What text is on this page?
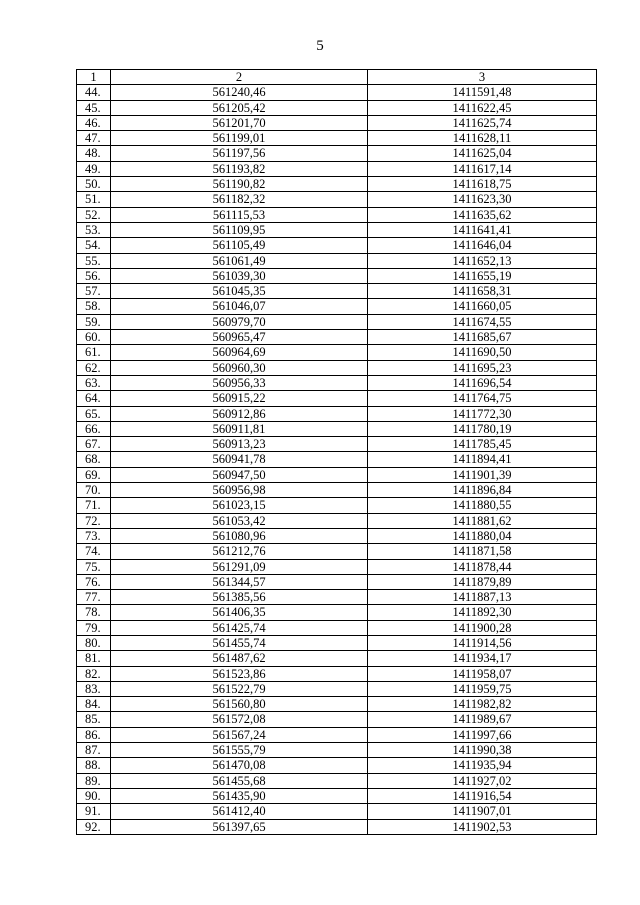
5
1	2	3
44.	561240,46	1411591,48
45.	561205,42	1411622,45
46.	561201,70	1411625,74
47.	561199,01	1411628,11
48.	561197,56	1411625,04
49.	561193,82	1411617,14
50.	561190,82	1411618,75
51.	561182,32	1411623,30
52.	561115,53	1411635,62
53.	561109,95	1411641,41
54.	561105,49	1411646,04
55.	561061,49	1411652,13
56.	561039,30	1411655,19
57.	561045,35	1411658,31
58.	561046,07	1411660,05
59.	560979,70	1411674,55
60.	560965,47	1411685,67
61.	560964,69	1411690,50
62.	560960,30	1411695,23
63.	560956,33	1411696,54
64.	560915,22	1411764,75
65.	560912,86	1411772,30
66.	560911,81	1411780,19
67.	560913,23	1411785,45
68.	560941,78	1411894,41
69.	560947,50	1411901,39
70.	560956,98	1411896,84
71.	561023,15	1411880,55
72.	561053,42	1411881,62
73.	561080,96	1411880,04
74.	561212,76	1411871,58
75.	561291,09	1411878,44
76.	561344,57	1411879,89
77.	561385,56	1411887,13
78.	561406,35	1411892,30
79.	561425,74	1411900,28
80.	561455,74	1411914,56
81.	561487,62	1411934,17
82.	561523,86	1411958,07
83.	561522,79	1411959,75
84.	561560,80	1411982,82
85.	561572,08	1411989,67
86.	561567,24	1411997,66
87.	561555,79	1411990,38
88.	561470,08	1411935,94
89.	561455,68	1411927,02
90.	561435,90	1411916,54
91.	561412,40	1411907,01
92.	561397,65	1411902,53
